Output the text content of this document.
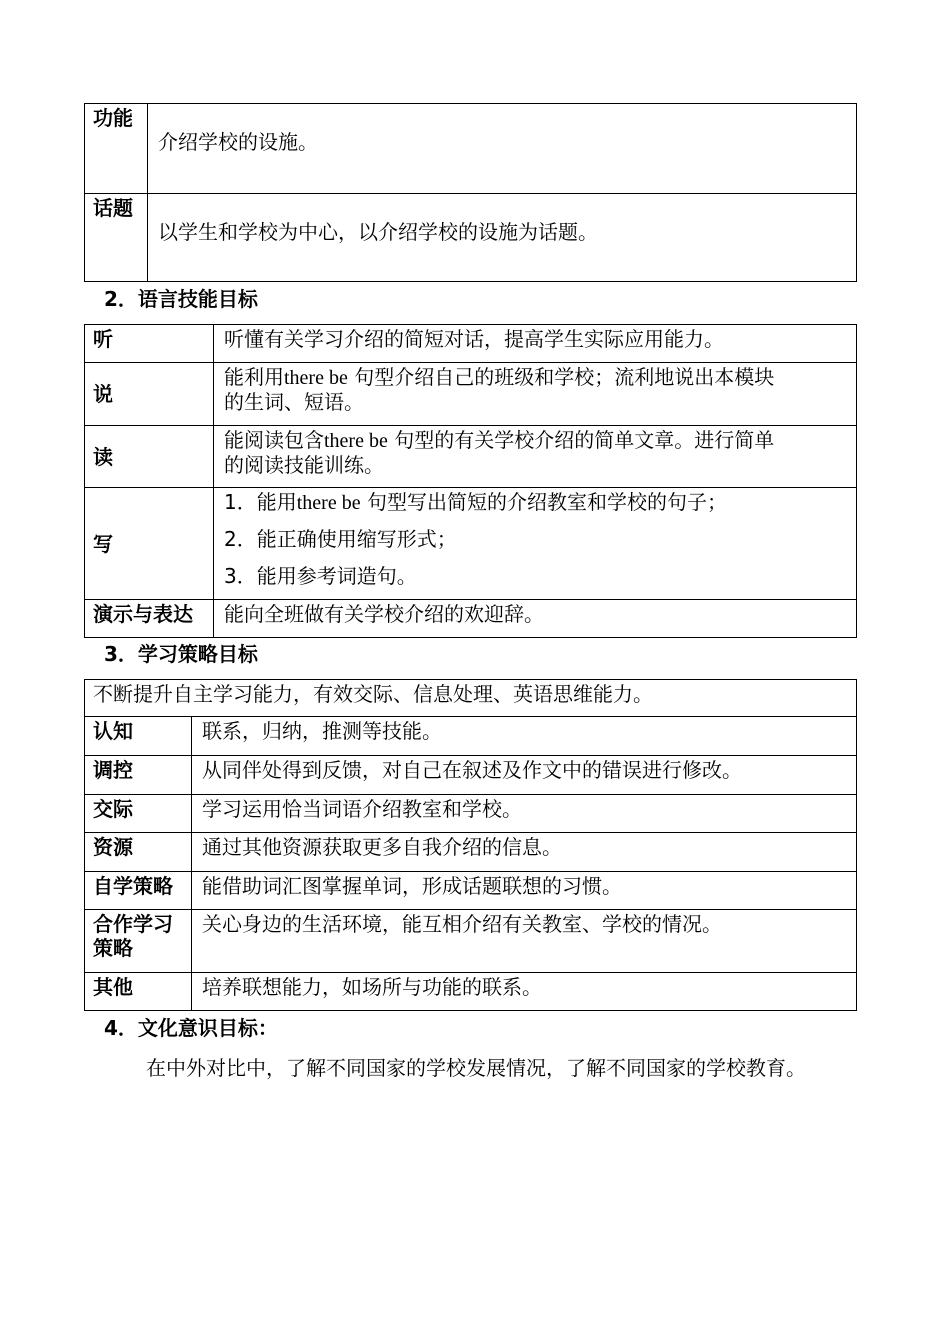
功能	介绍学校的设施。
话题	以学生和学校为中心，以介绍学校的设施为话题。
2．语言技能目标
听	听懂有关学习介绍的简短对话，提高学生实际应用能力。
说	能利用there be 句型介绍自己的班级和学校；流利地说出本模块
的生词、短语。
读	能阅读包含there be 句型的有关学校介绍的简单文章。进行简单
的阅读技能训练。
写	1．能用there be 句型写出简短的介绍教室和学校的句子；
2．能正确使用缩写形式；
3．能用参考词造句。

演示与表达	能向全班做有关学校介绍的欢迎辞。
3．学习策略目标
不断提升自主学习能力，有效交际、信息处理、英语思维能力。	
认知	联系，归纳，推测等技能。
调控	从同伴处得到反馈，对自己在叙述及作文中的错误进行修改。
交际	学习运用恰当词语介绍教室和学校。
资源	通过其他资源获取更多自我介绍的信息。
自学策略	能借助词汇图掌握单词，形成话题联想的习惯。
合作学习策略	关心身边的生活环境，能互相介绍有关教室、学校的情况。
其他	培养联想能力，如场所与功能的联系。
4．文化意识目标：
在中外对比中，了解不同国家的学校发展情况，了解不同国家的学校教育。
